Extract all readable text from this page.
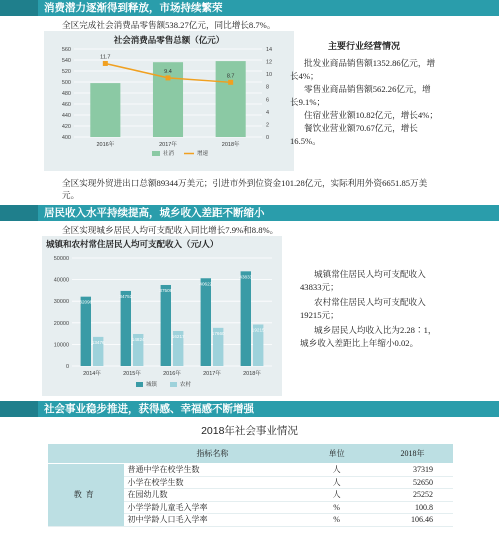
消费潜力逐渐得到释放，市场持续繁荣
全区完成社会消费品零售额538.27亿元，同比增长8.7%。
社会消费品零售总额（亿元）
400
420
440
460
480
500
520
540
560
0
2
4
6
8
10
12
14
2016年	2017年	2018年
11.7
9.4
8.7
社消	增速

主要行业经营情况

批发业商品销售额1352.86亿元，增长4%；

零售业商品销售额562.26亿元，增长9.1%；

住宿业营业额10.82亿元，增长4%；

餐饮业营业额70.67亿元，增长16.5%。

全区实现外贸进出口总额89344万美元；引进市外到位资金101.28亿元，实际利用外资6651.85万美元。
居民收入水平持续提高，城乡收入差距不断缩小
全区实现城乡居民人均可支配收入同比增长7.9%和8.8%。
城镇和农村常住居民人均可支配收入（元/人）
0
10000
20000
30000
40000
50000
32096
13476
2014年
34751
14824
2015年
37509
16217
2016年
40622
17660
2017年
43833
19215
2018年
城镇	农村

城镇常住居民人均可支配收入43833元；

农村常住居民人均可支配收入19215元；

城乡居民人均收入比为2.28∶1，城乡收入差距比上年缩小0.02。

社会事业稳步推进，获得感、幸福感不断增强
2018年社会事业情况
	指标名称	单位	2018年
教育	普通中学在校学生数	人	37319
	小学在校学生数	人	52650
	在园幼儿数	人	25252
	小学学龄儿童毛入学率	%	100.8
	初中学龄人口毛入学率	%	106.46
